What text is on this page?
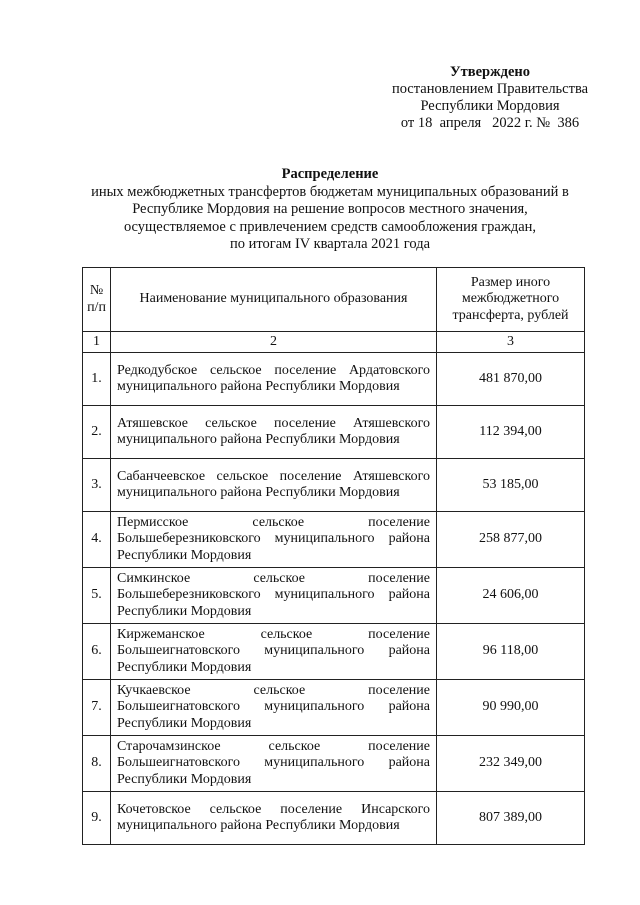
Утверждено
постановлением Правительства
Республики Мордовия
от 18  апреля   2022 г. №  386
Распределение
иных межбюджетных трансфертов бюджетам муниципальных образований в
Республике Мордовия на решение вопросов местного значения,
осуществляемое с привлечением средств самообложения граждан,
по итогам IV квартала 2021 года
№ п/п	Наименование муниципального образования	Размер иного межбюджетного трансферта, рублей
1	2	3
1.	Редкодубское сельское поселение Ардатовского муниципального района Республики Мордовия	481 870,00
2.	Атяшевское сельское поселение Атяшевского муниципального района Республики Мордовия	112 394,00
3.	Сабанчеевское сельское поселение Атяшевского муниципального района Республики Мордовия	53 185,00
4.	Пермисское сельское поселение Большеберезниковского муниципального района Республики Мордовия	258 877,00
5.	Симкинское сельское поселение Большеберезниковского муниципального района Республики Мордовия	24 606,00
6.	Киржеманское сельское поселение Большеигнатовского муниципального района Республики Мордовия	96 118,00
7.	Кучкаевское сельское поселение Большеигнатовского муниципального района Республики Мордовия	90 990,00
8.	Старочамзинское сельское поселение Большеигнатовского муниципального района Республики Мордовия	232 349,00
9.	Кочетовское сельское поселение Инсарского муниципального района Республики Мордовия	807 389,00
